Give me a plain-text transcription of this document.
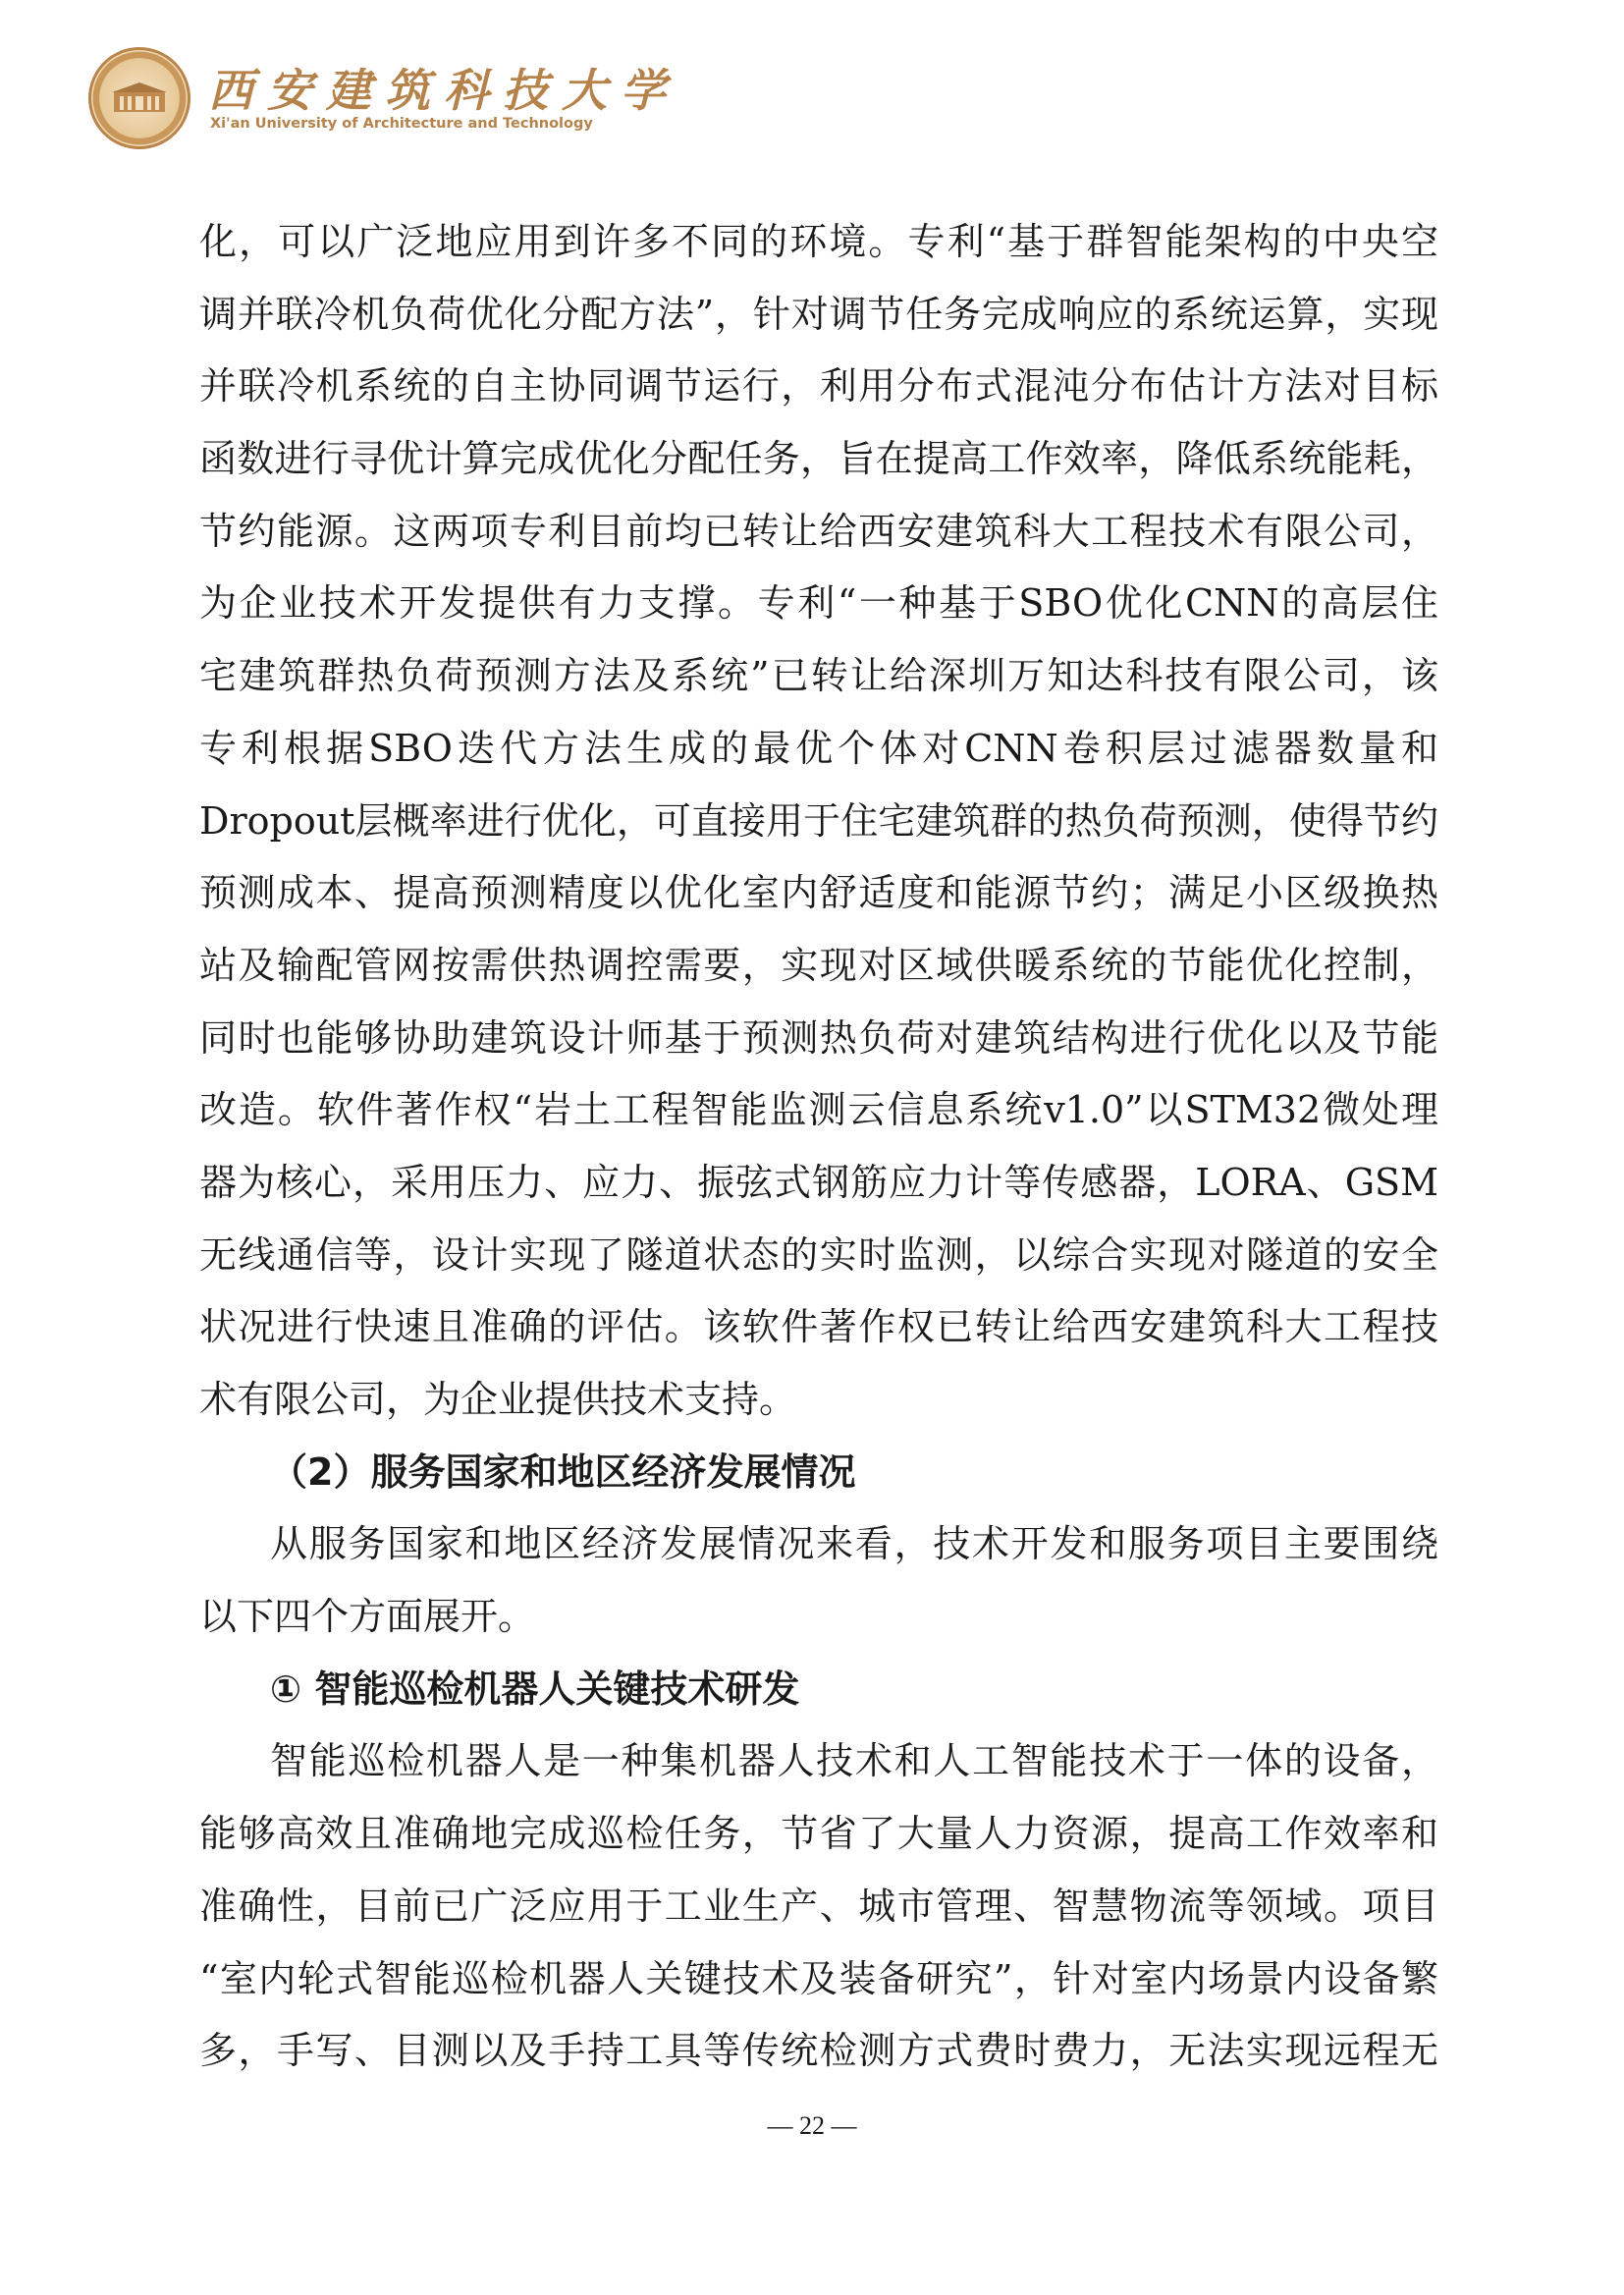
西安建筑科技大学
Xi'an University of Architecture and Technology
化，可以广泛地应用到许多不同的环境。专利“基于群智能架构的中央空
调并联冷机负荷优化分配方法”，针对调节任务完成响应的系统运算，实现
并联冷机系统的自主协同调节运行，利用分布式混沌分布估计方法对目标
函数进行寻优计算完成优化分配任务，旨在提高工作效率，降低系统能耗，
节约能源。这两项专利目前均已转让给西安建筑科大工程技术有限公司，
为企业技术开发提供有力支撑。专利“一种基于SBO优化CNN的高层住
宅建筑群热负荷预测方法及系统”已转让给深圳万知达科技有限公司，该
专利根据SBO迭代方法生成的最优个体对CNN卷积层过滤器数量和
Dropout层概率进行优化，可直接用于住宅建筑群的热负荷预测，使得节约
预测成本、提高预测精度以优化室内舒适度和能源节约；满足小区级换热
站及输配管网按需供热调控需要，实现对区域供暖系统的节能优化控制，
同时也能够协助建筑设计师基于预测热负荷对建筑结构进行优化以及节能
改造。软件著作权“岩土工程智能监测云信息系统v1.0”以STM32微处理
器为核心，采用压力、应力、振弦式钢筋应力计等传感器，LORA、GSM
无线通信等，设计实现了隧道状态的实时监测，以综合实现对隧道的安全
状况进行快速且准确的评估。该软件著作权已转让给西安建筑科大工程技
术有限公司，为企业提供技术支持。
（2）服务国家和地区经济发展情况
从服务国家和地区经济发展情况来看，技术开发和服务项目主要围绕
以下四个方面展开。
① 智能巡检机器人关键技术研发
智能巡检机器人是一种集机器人技术和人工智能技术于一体的设备，
能够高效且准确地完成巡检任务，节省了大量人力资源，提高工作效率和
准确性，目前已广泛应用于工业生产、城市管理、智慧物流等领域。项目
“室内轮式智能巡检机器人关键技术及装备研究”，针对室内场景内设备繁
多，手写、目测以及手持工具等传统检测方式费时费力，无法实现远程无
— 22 —
